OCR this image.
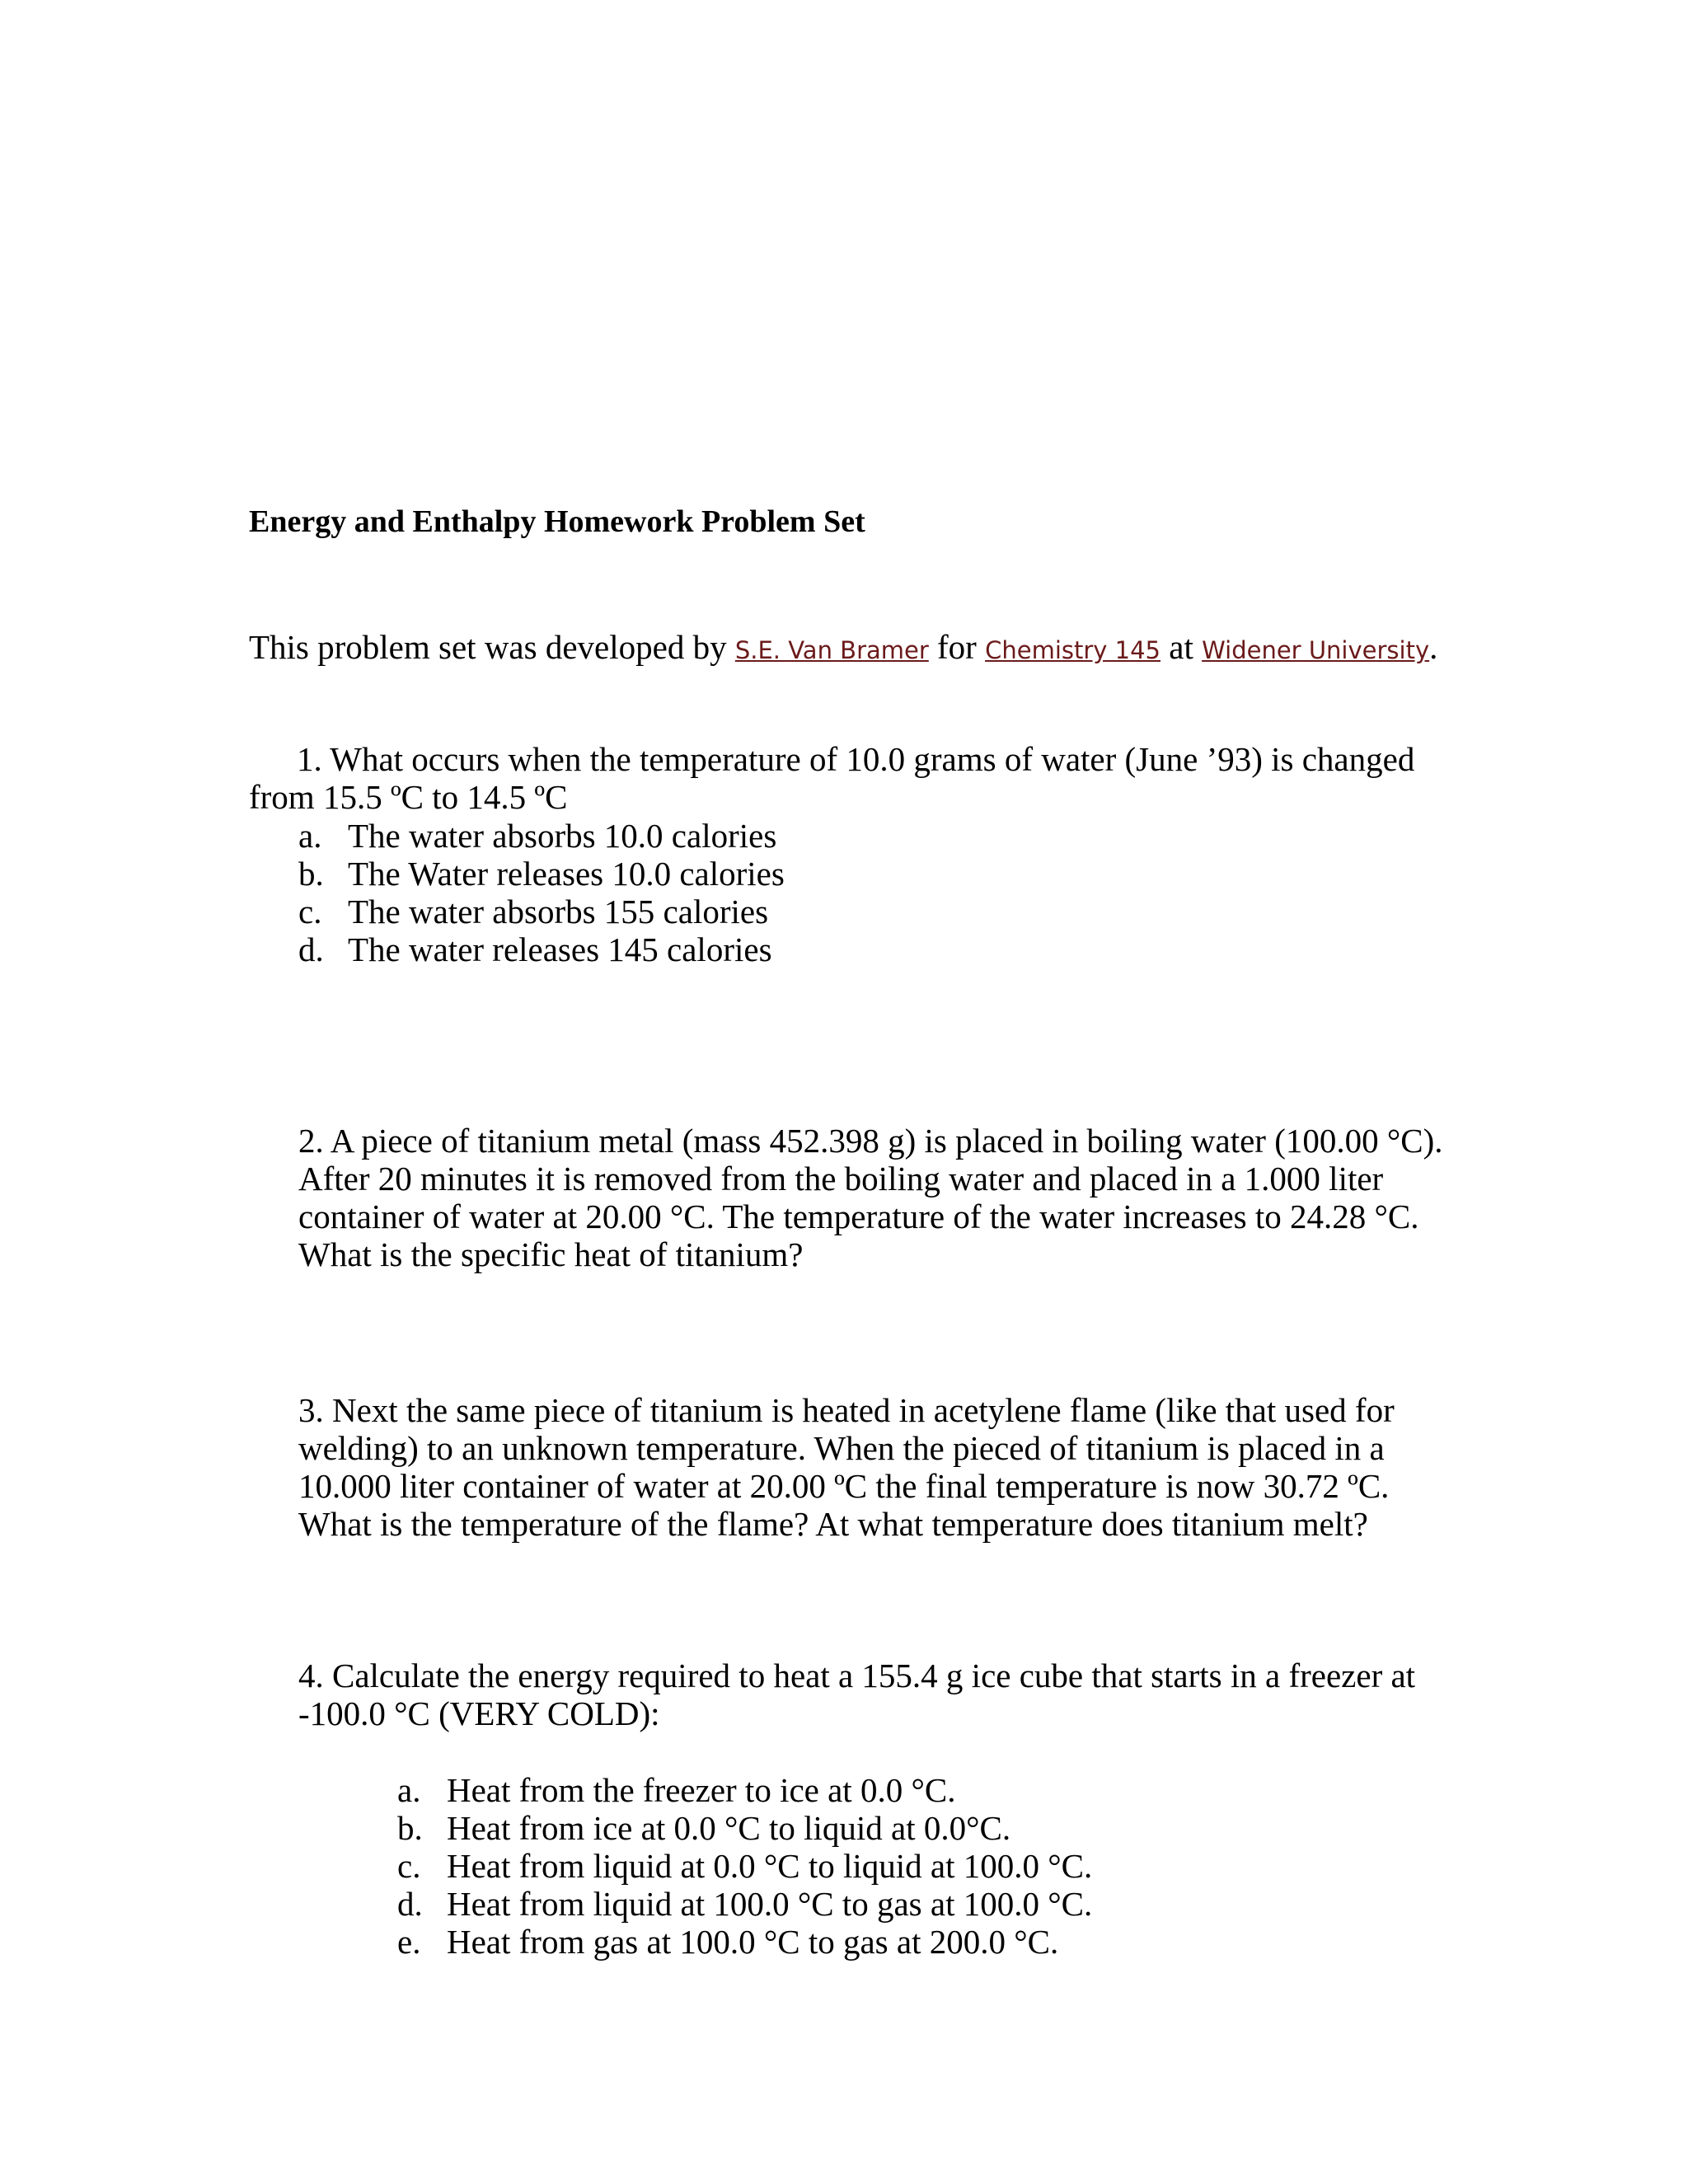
Energy and Enthalpy Homework Problem Set
This problem set was developed by S.E. Van Bramer for Chemistry 145 at Widener University.
1. What occurs when the temperature of 10.0 grams of water (June ’93) is changed
from 15.5 ºC to 14.5 ºC
a. The water absorbs 10.0 calories
b. The Water releases 10.0 calories
c. The water absorbs 155 calories
d. The water releases 145 calories
2. A piece of titanium metal (mass 452.398 g) is placed in boiling water (100.00 °C).
After 20 minutes it is removed from the boiling water and placed in a 1.000 liter
container of water at 20.00 °C. The temperature of the water increases to 24.28 °C.
What is the specific heat of titanium?
3. Next the same piece of titanium is heated in acetylene flame (like that used for
welding) to an unknown temperature. When the pieced of titanium is placed in a
10.000 liter container of water at 20.00 ºC the final temperature is now 30.72 ºC.
What is the temperature of the flame? At what temperature does titanium melt?
4. Calculate the energy required to heat a 155.4 g ice cube that starts in a freezer at
-100.0 °C (VERY COLD):
a. Heat from the freezer to ice at 0.0 °C.
b. Heat from ice at 0.0 °C to liquid at 0.0°C.
c. Heat from liquid at 0.0 °C to liquid at 100.0 °C.
d. Heat from liquid at 100.0 °C to gas at 100.0 °C.
e. Heat from gas at 100.0 °C to gas at 200.0 °C.
